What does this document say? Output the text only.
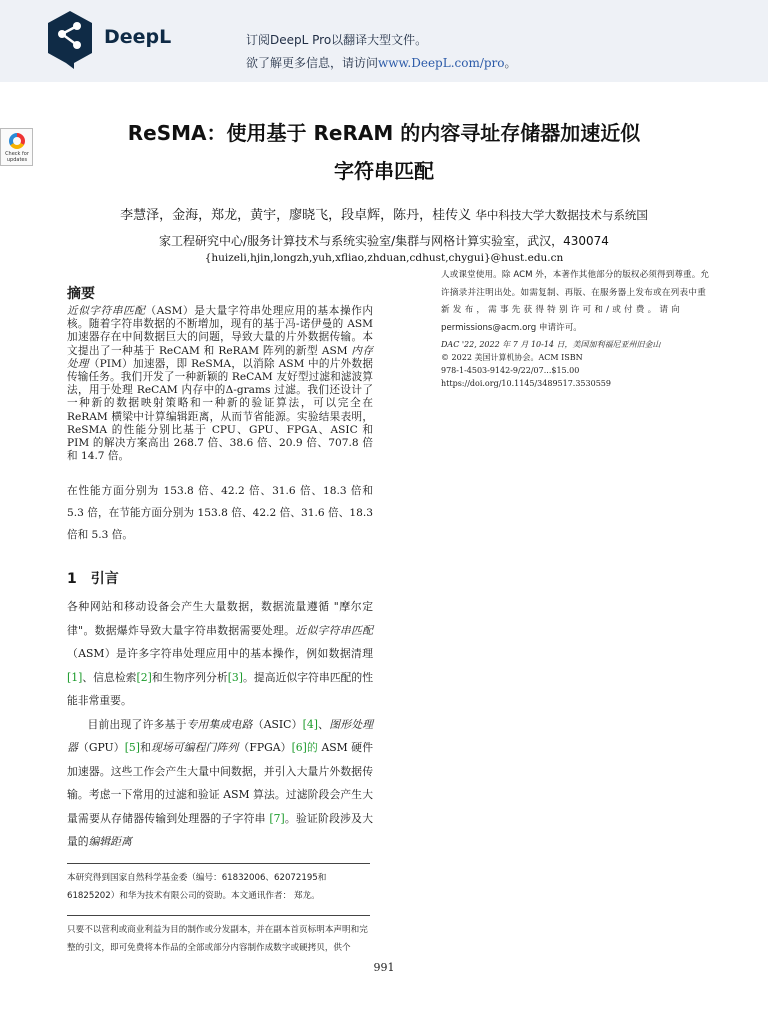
DeepL	订阅DeepL Pro以翻译大型文件。
欲了解更多信息，请访问www.DeepL.com/pro。
Check for updates
ReSMA：使用基于 ReRAM 的内容寻址存储器加速近似
字符串匹配
李慧泽，金海，郑龙，黄宇，廖晓飞，段卓辉，陈丹，桂传义 华中科技大学大数据技术与系统国
家工程研究中心/服务计算技术与系统实验室/集群与网格计算实验室，武汉，430074
{huizeli,hjin,longzh,yuh,xfliao,zhduan,cdhust,chygui}@hust.edu.cn
摘要
近似字符串匹配（ASM）是大量字符串处理应用的基本操作内核。随着字符串数据的不断增加，现有的基于冯-诺伊曼的 ASM 加速器存在中间数据巨大的问题，导致大量的片外数据传输。本文提出了一种基于 ReCAM 和 ReRAM 阵列的新型 ASM 内存处理（PIM）加速器，即 ReSMA，以消除 ASM 中的片外数据传输任务。我们开发了一种新颖的 ReCAM 友好型过滤和滤波算法，用于处理 ReCAM 内存中的Δ-grams 过滤。我们还设计了一种新的数据映射策略和一种新的验证算法，可以完全在 ReRAM 横梁中计算编辑距离，从而节省能源。实验结果表明，ReSMA 的性能分别比基于 CPU、GPU、FPGA、ASIC 和 PIM 的解决方案高出 268.7 倍、38.6 倍、20.9 倍、707.8 倍和 14.7 倍。
在性能方面分别为 153.8 倍、42.2 倍、31.6 倍、18.3 倍和 5.3 倍，在节能方面分别为 153.8 倍、42.2 倍、31.6 倍、18.3 倍和 5.3 倍。
1 引言

各种网站和移动设备会产生大量数据，数据流量遵循 "摩尔定律"。数据爆炸导致大量字符串数据需要处理。近似字符串匹配（ASM）是许多字符串处理应用中的基本操作，例如数据清理[1]、信息检索[2]和生物序列分析[3]。提高近似字符串匹配的性能非常重要。

目前出现了许多基于专用集成电路（ASIC）[4]、图形处理器（GPU）[5]和现场可编程门阵列（FPGA）[6]的 ASM 硬件加速器。这些工作会产生大量中间数据，并引入大量片外数据传输。考虑一下常用的过滤和验证 ASM 算法。过滤阶段会产生大量需要从存储器传输到处理器的子字符串 [7]。验证阶段涉及大量的编辑距离

本研究得到国家自然科学基金委（编号：61832006、62072195和61825202）和华为技术有限公司的资助。本文通讯作者： 郑龙。
只要不以营利或商业利益为目的制作或分发副本，并在副本首页标明本声明和完整的引文，即可免费将本作品的全部或部分内容制作成数字或硬拷贝，供个
人或课堂使用。除 ACM 外，本著作其他部分的版权必须得到尊重。允许摘录并注明出处。如需复制、再版、在服务器上发布或在列表中重新发布，需事先获得特别许可和/或付费。请向
permissions@acm.org 申请许可。
DAC '22, 2022 年 7 月 10-14 日，美国加利福尼亚州旧金山
© 2022 美国计算机协会。ACM ISBN
978-1-4503-9142-9/22/07...$15.00
https://doi.org/10.1145/3489517.3530559
991
